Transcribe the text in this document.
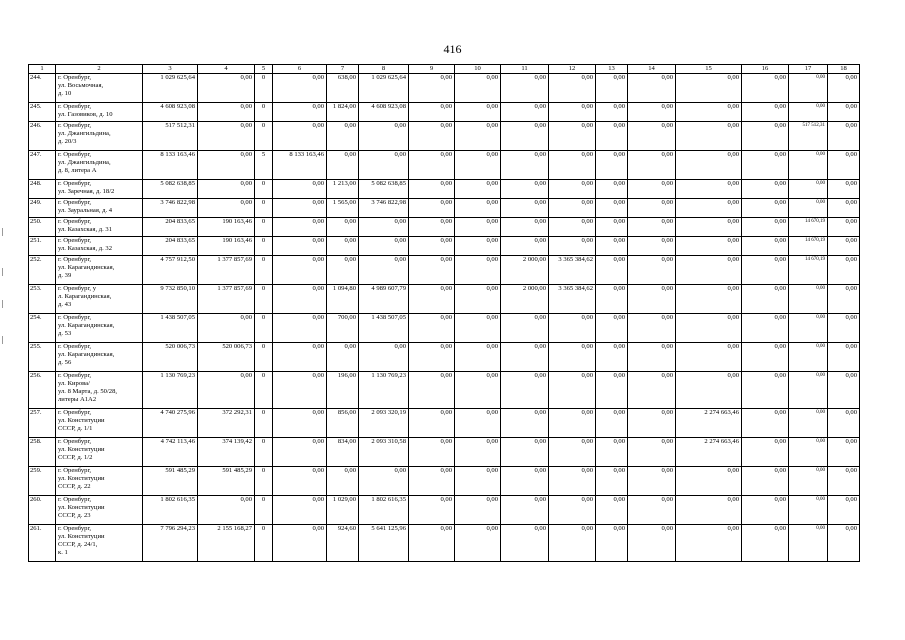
416
1	2	3	4	5	6	7	8	9	10	11	12	13	14	15	16	17	18
244.	г. Оренбург,
ул. Восьмочная,
д. 10	1 029 625,64	0,00	0	0,00	638,00	1 029 625,64	0,00	0,00	0,00	0,00	0,00	0,00	0,00	0,00	0,00	0,00
245.	г. Оренбург,
ул. Газовиков, д. 10	4 608 923,08	0,00	0	0,00	1 824,00	4 608 923,08	0,00	0,00	0,00	0,00	0,00	0,00	0,00	0,00	0,00	0,00
246.	г. Оренбург,
ул. Джангильдина,
д. 20/3	517 512,31	0,00	0	0,00	0,00	0,00	0,00	0,00	0,00	0,00	0,00	0,00	0,00	0,00	517 512,31	0,00
247.	г. Оренбург,
ул. Джангильдина,
д. 8, литера А	8 133 163,46	0,00	5	8 133 163,46	0,00	0,00	0,00	0,00	0,00	0,00	0,00	0,00	0,00	0,00	0,00	0,00
248.	г. Оренбург,
ул. Заречная, д. 18/2	5 082 638,85	0,00	0	0,00	1 213,00	5 082 638,85	0,00	0,00	0,00	0,00	0,00	0,00	0,00	0,00	0,00	0,00
249.	г. Оренбург,
ул. Зауральная, д. 4	3 746 822,98	0,00	0	0,00	1 565,00	3 746 822,98	0,00	0,00	0,00	0,00	0,00	0,00	0,00	0,00	0,00	0,00
250.	г. Оренбург,
ул. Казахская, д. 31	204 833,65	190 163,46	0	0,00	0,00	0,00	0,00	0,00	0,00	0,00	0,00	0,00	0,00	0,00	14 670,19	0,00
251.	г. Оренбург,
ул. Казахская, д. 32	204 833,65	190 163,46	0	0,00	0,00	0,00	0,00	0,00	0,00	0,00	0,00	0,00	0,00	0,00	14 670,19	0,00
252.	г. Оренбург,
ул. Карагандинская,
д. 39	4 757 912,50	1 377 857,69	0	0,00	0,00	0,00	0,00	0,00	2 000,00	3 365 384,62	0,00	0,00	0,00	0,00	14 670,19	0,00
253.	г. Оренбург, у
л. Карагандинская,
д. 43	9 732 850,10	1 377 857,69	0	0,00	1 094,80	4 989 607,79	0,00	0,00	2 000,00	3 365 384,62	0,00	0,00	0,00	0,00	0,00	0,00
254.	г. Оренбург,
ул. Карагандинская,
д. 53	1 438 507,05	0,00	0	0,00	700,00	1 438 507,05	0,00	0,00	0,00	0,00	0,00	0,00	0,00	0,00	0,00	0,00
255.	г. Оренбург,
ул. Карагандинская,
д. 56	520 006,73	520 006,73	0	0,00	0,00	0,00	0,00	0,00	0,00	0,00	0,00	0,00	0,00	0,00	0,00	0,00
256.	г. Оренбург,
ул. Кирова/
ул. 8 Марта, д. 50/28,
литеры А1А2	1 130 769,23	0,00	0	0,00	196,00	1 130 769,23	0,00	0,00	0,00	0,00	0,00	0,00	0,00	0,00	0,00	0,00
257.	г. Оренбург,
ул. Конституции
СССР, д. 1/1	4 740 275,96	372 292,31	0	0,00	856,00	2 093 320,19	0,00	0,00	0,00	0,00	0,00	0,00	2 274 663,46	0,00	0,00	0,00
258.	г. Оренбург,
ул. Конституции
СССР, д. 1/2	4 742 113,46	374 139,42	0	0,00	834,00	2 093 310,58	0,00	0,00	0,00	0,00	0,00	0,00	2 274 663,46	0,00	0,00	0,00
259.	г. Оренбург,
ул. Конституции
СССР, д. 22	591 485,29	591 485,29	0	0,00	0,00	0,00	0,00	0,00	0,00	0,00	0,00	0,00	0,00	0,00	0,00	0,00
260.	г. Оренбург,
ул. Конституции
СССР, д. 23	1 802 616,35	0,00	0	0,00	1 029,00	1 802 616,35	0,00	0,00	0,00	0,00	0,00	0,00	0,00	0,00	0,00	0,00
261.	г. Оренбург,
ул. Конституции
СССР, д. 24/1,
к. 1	7 796 294,23	2 155 168,27	0	0,00	924,60	5 641 125,96	0,00	0,00	0,00	0,00	0,00	0,00	0,00	0,00	0,00	0,00
